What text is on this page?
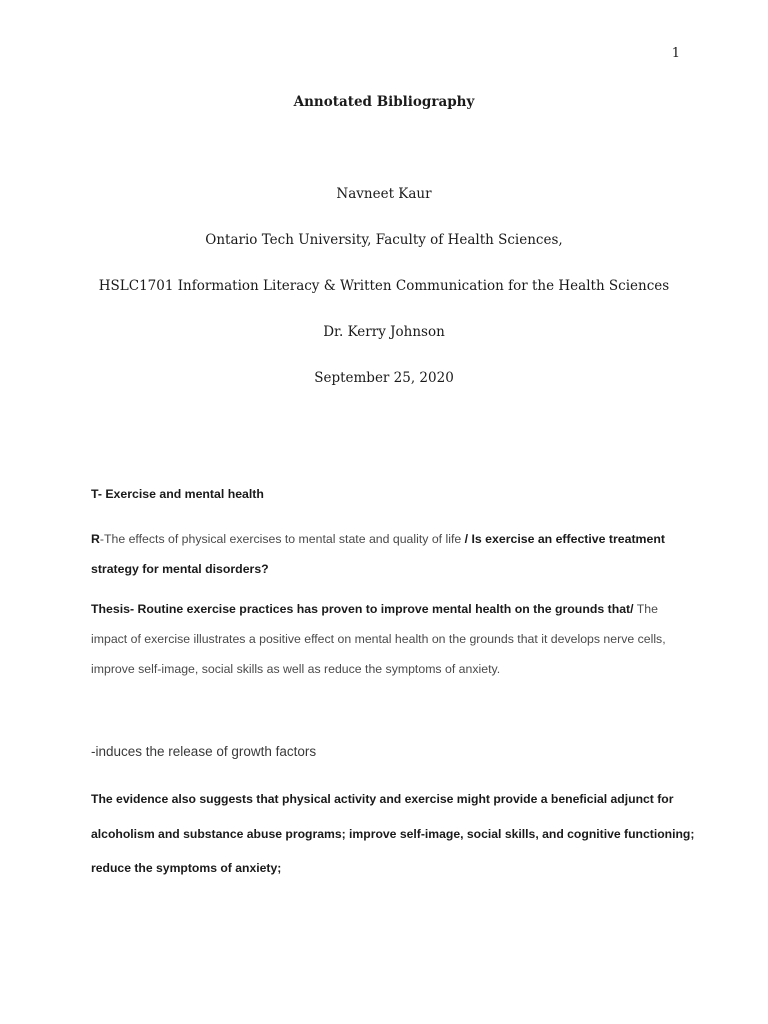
1
Annotated Bibliography
Navneet Kaur
Ontario Tech University, Faculty of Health Sciences,
HSLC1701 Information Literacy & Written Communication for the Health Sciences
Dr. Kerry Johnson
September 25, 2020
T- Exercise and mental health
R-The effects of physical exercises to mental state and quality of life / Is exercise an effective treatment
strategy for mental disorders?
Thesis- Routine exercise practices has proven to improve mental health on the grounds that/ The
impact of exercise illustrates a positive effect on mental health on the grounds that it develops nerve cells,
improve self-image, social skills as well as reduce the symptoms of anxiety.
-induces the release of growth factors
The evidence also suggests that physical activity and exercise might provide a beneficial adjunct for
alcoholism and substance abuse programs; improve self-image, social skills, and cognitive functioning;
reduce the symptoms of anxiety;
